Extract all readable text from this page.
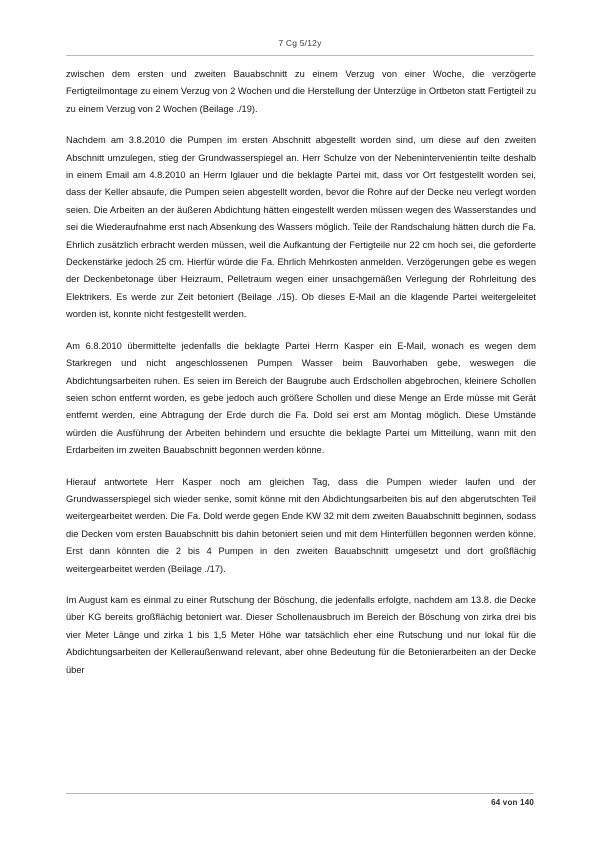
7 Cg 5/12y

zwischen dem ersten und zweiten Bauabschnitt zu einem Verzug von einer Woche, die verzögerte Fertigteilmontage zu einem Verzug von 2 Wochen und die Herstellung der Unterzüge in Ortbeton statt Fertigteil zu zu einem Verzug von 2 Wochen (Beilage ./19).

Nachdem am 3.8.2010 die Pumpen im ersten Abschnitt abgestellt worden sind, um diese auf den zweiten Abschnitt umzulegen, stieg der Grundwasserspiegel an. Herr Schulze von der Nebenintervenientin teilte deshalb in einem Email am 4.8.2010 an Herrn Iglauer und die beklagte Partei mit, dass vor Ort festgestellt worden sei, dass der Keller absaufe, die Pumpen seien abgestellt worden, bevor die Rohre auf der Decke neu verlegt worden seien. Die Arbeiten an der äußeren Abdichtung hätten eingestellt werden müssen wegen des Wasserstandes und sei die Wiederaufnahme erst nach Absenkung des Wassers möglich. Teile der Randschalung hätten durch die Fa. Ehrlich zusätzlich erbracht werden müssen, weil die Aufkantung der Fertigteile nur 22 cm hoch sei, die geforderte Deckenstärke jedoch 25 cm. Hierfür würde die Fa. Ehrlich Mehrkosten anmelden. Verzögerungen gebe es wegen der Deckenbetonage über Heizraum, Pelletraum wegen einer unsachgemäßen Verlegung der Rohrleitung des Elektrikers. Es werde zur Zeit betoniert (Beilage ./15). Ob dieses E-Mail an die klagende Partei weitergeleitet worden ist, konnte nicht festgestellt werden.

Am 6.8.2010 übermittelte jedenfalls die beklagte Partei Herrn Kasper ein E-Mail, wonach es wegen dem Starkregen und nicht angeschlossenen Pumpen Wasser beim Bauvorhaben gebe, weswegen die Abdichtungsarbeiten ruhen. Es seien im Bereich der Baugrube auch Erdschollen abgebrochen, kleinere Schollen seien schon entfernt worden, es gebe jedoch auch größere Schollen und diese Menge an Erde müsse mit Gerät entfernt werden, eine Abtragung der Erde durch die Fa. Dold sei erst am Montag möglich. Diese Umstände würden die Ausführung der Arbeiten behindern und ersuchte die beklagte Partei um Mitteilung, wann mit den Erdarbeiten im zweiten Bauabschnitt begonnen werden könne.

Hierauf antwortete Herr Kasper noch am gleichen Tag, dass die Pumpen wieder laufen und der Grundwasserspiegel sich wieder senke, somit könne mit den Abdichtungsarbeiten bis auf den abgerutschten Teil weitergearbeitet werden. Die Fa. Dold werde gegen Ende KW 32 mit dem zweiten Bauabschnitt beginnen, sodass die Decken vom ersten Bauabschnitt bis dahin betoniert seien und mit dem Hinterfüllen begonnen werden könne. Erst dann könnten die 2 bis 4 Pumpen in den zweiten Bauabschnitt umgesetzt und dort großflächig weitergearbeitet werden (Beilage ./17).

Im August kam es einmal zu einer Rutschung der Böschung, die jedenfalls erfolgte, nachdem am 13.8. die Decke über KG bereits großflächig betoniert war. Dieser Schollenausbruch im Bereich der Böschung von zirka drei bis vier Meter Länge und zirka 1 bis 1,5 Meter Höhe war tatsächlich eher eine Rutschung und nur lokal für die Abdichtungsarbeiten der Kelleraußenwand relevant, aber ohne Bedeutung für die Betonierarbeiten an der Decke über

64 von 140
